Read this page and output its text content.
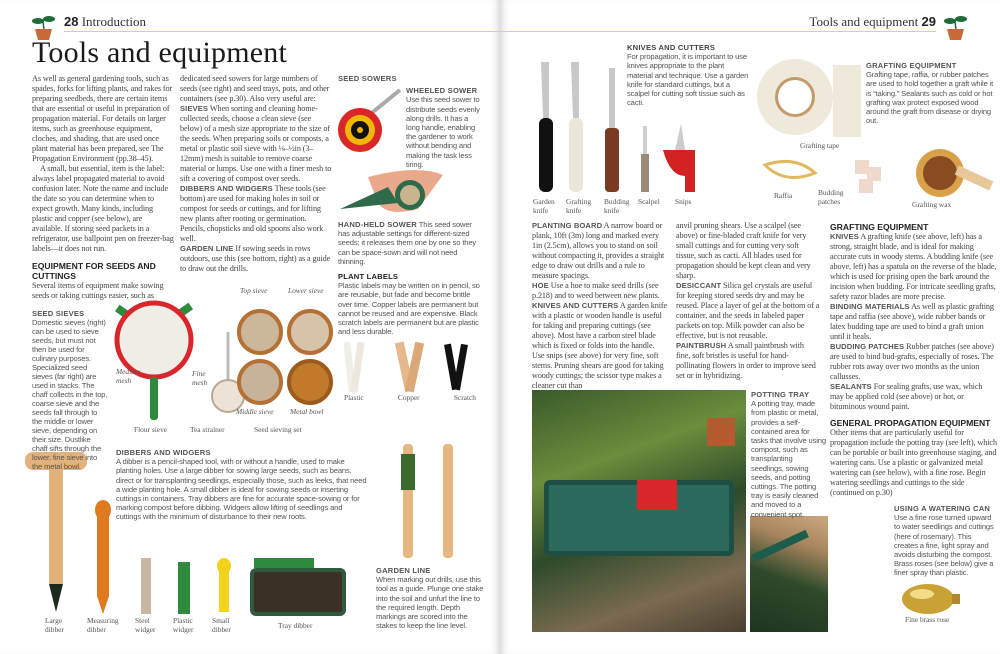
28 Introduction
Tools and equipment

As well as general gardening tools, such as spades, forks for lifting plants, and rakes for preparing seedbeds, there are certain items that are essential or useful in preparation of propagation material. For details on larger items, such as greenhouse equipment, cloches, and shading, that are used once plant material has been prepared, see The Propagation Environment (pp.38–45).

A small, but essential, item is the label: always label propagated material to avoid confusion later. Note the name and include the date so you can determine when to expect growth. Many kinds, including plastic and copper (see below), are available. If storing seed packets in a refrigerator, use ballpoint pen on freezer-bag labels—it does not run.

EQUIPMENT FOR SEEDS AND CUTTINGS
Several items of equipment make sowing seeds or taking cuttings easier, such as
SEED SIEVES
Domestic sieves (right) can be used to sieve seeds, but must not then be used for culinary purposes. Specialized seed sieves (far right) are used in stacks. The chaff collects in the top, coarse sieve and the seeds fall through to the middle or lower sieve, depending on their size. Dustlike chaff sifts through the lower, fine sieve into the metal bowl.

dedicated seed sowers for large numbers of seeds (see right) and seed trays, pots, and other containers (see p.30). Also very useful are:

SIEVES When sorting and cleaning home-collected seeds, choose a clean sieve (see below) of a mesh size appropriate to the size of the seeds. When preparing soils or composts, a metal or plastic soil sieve with ⅛–½in (3–12mm) mesh is suitable to remove coarse material or lumps. Use one with a finer mesh to sift a covering of compost over seeds.

DIBBERS AND WIDGERS These tools (see bottom) are used for making holes in soil or compost for seeds or cuttings, and for lifting new plants after rooting or germination. Pencils, chopsticks and old spoons also work well.

GARDEN LINE If sowing seeds in rows outdoors, use this (see bottom, right) as a guide to draw out the drills.

Medium mesh
Fine mesh
Top sieve	Lower sieve
Middle sieve Metal bowl
Flour sieve	Tea strainer	Seed sieving set
SEED SOWERS
WHEELED SOWER
Use this seed sower to distribute seeds evenly along drills. It has a long handle, enabling the gardener to work without bending and making the task less tiring.
HAND-HELD SOWER This seed sower has adjustable settings for different-sized seeds; it releases them one by one so they can be space-sown and will not need thinning.
PLANT LABELS
Plastic labels may be written on in pencil, so are reusable, but fade and become brittle over time. Copper labels are permanent but cannot be reused and are expensive. Black scratch labels are permanent but are plastic and less durable.
Plastic	Copper	Scratch
DIBBERS AND WIDGERS
A dibber is a pencil-shaped tool, with or without a handle, used to make planting holes. Use a large dibber for sowing large seeds, such as beans, direct or for transplanting seedlings, especially those, such as leeks, that need a wide planting hole. A small dibber is ideal for sowing seeds or inserting cuttings in containers. Tray dibbers are fine for accurate space-sowing or for marking compost before dibbing. Widgers allow lifting of seedlings and cuttings with the minimum of disturbance to their new roots.
Large dibber
Measuring dibber
Steel widger
Plastic widger
Small dibber	Tray dibber
GARDEN LINE
When marking out drills, use this tool as a guide. Plunge one stake into the soil and unfurl the line to the required length. Depth markings are scored into the stakes to keep the line level.
Tools and equipment 29
KNIVES AND CUTTERS
For propagation, it is important to use knives appropriate to the plant material and technique. Use a garden knife for standard cuttings, but a scalpel for cutting soft tissue such as cacti.
Garden knife
Grafting knife
Budding knife
Scalpel Snips
Grafting tape
Raffia	Budding patches	Grafting wax
GRAFTING EQUIPMENT
Grafting tape, raffia, or rubber patches are used to hold together a graft while it is “taking.” Sealants such as cold or hot grafting wax protect exposed wood around the graft from disease or drying out.

PLANTING BOARD A narrow board or plank, 10ft (3m) long and marked every 1in (2.5cm), allows you to stand on soil without compacting it, provides a straight edge to draw out drills and a rule to measure spacings.

HOE Use a hoe to make seed drills (see p.218) and to weed between new plants.

KNIVES AND CUTTERS A garden knife with a plastic or wooden handle is useful for taking and preparing cuttings (see above). Most have a carbon steel blade which is fixed or folds into the handle. Use snips (see above) for very fine, soft stems. Pruning shears are good for taking woody cuttings; the scissor type makes a cleaner cut than

anvil pruning shears. Use a scalpel (see above) or fine-bladed craft knife for very small cuttings and for cutting very soft tissue, such as cacti. All blades used for propagation should be kept clean and very sharp.

DESICCANT Silica gel crystals are useful for keeping stored seeds dry and may be reused. Place a layer of gel at the bottom of a container, and the seeds in labeled paper packets on top. Milk powder can also be effective, but is not reusable.

PAINTBRUSH A small paintbrush with fine, soft bristles is useful for hand-pollinating flowers in order to improve seed set or in hybridizing.

GRAFTING EQUIPMENT

KNIVES A grafting knife (see above, left) has a strong, straight blade, and is ideal for making accurate cuts in woody stems. A budding knife (see above, left) has a spatula on the reverse of the blade, which is used for prising open the bark around the incision when budding. For intricate seedling grafts, safety razor blades are more precise.

BINDING MATERIALS As well as plastic grafting tape and raffia (see above), wide rubber bands or latex budding tape are used to bind a graft union until it heals.

BUDDING PATCHES Rubber patches (see above) are used to bind bud-grafts, especially of roses. The rubber rots away over two months as the union callusses.

SEALANTS For sealing grafts, use wax, which may be applied cold (see above) or hot, or bituminous wound paint.

GENERAL PROPAGATION EQUIPMENT
Other items that are particularly useful for propagation include the potting tray (see left), which can be portable or built into greenhouse staging, and watering cans. Use a plastic or galvanized metal watering can (see below), with a fine rose. Begin watering seedlings and cuttings to the side (continued on p.30)
USING A WATERING CAN
Use a fine rose turned upward to water seedlings and cuttings (here of rosemary). This creates a fine, light spray and avoids disturbing the compost. Brass roses (see below) give a finer spray than plastic.
Fine brass rose
POTTING TRAY
A potting tray, made from plastic or metal, provides a self-contained area for tasks that involve using compost, such as transplanting seedlings, sowing seeds, and potting cuttings. The potting tray is easily cleaned and moved to a convenient spot.
